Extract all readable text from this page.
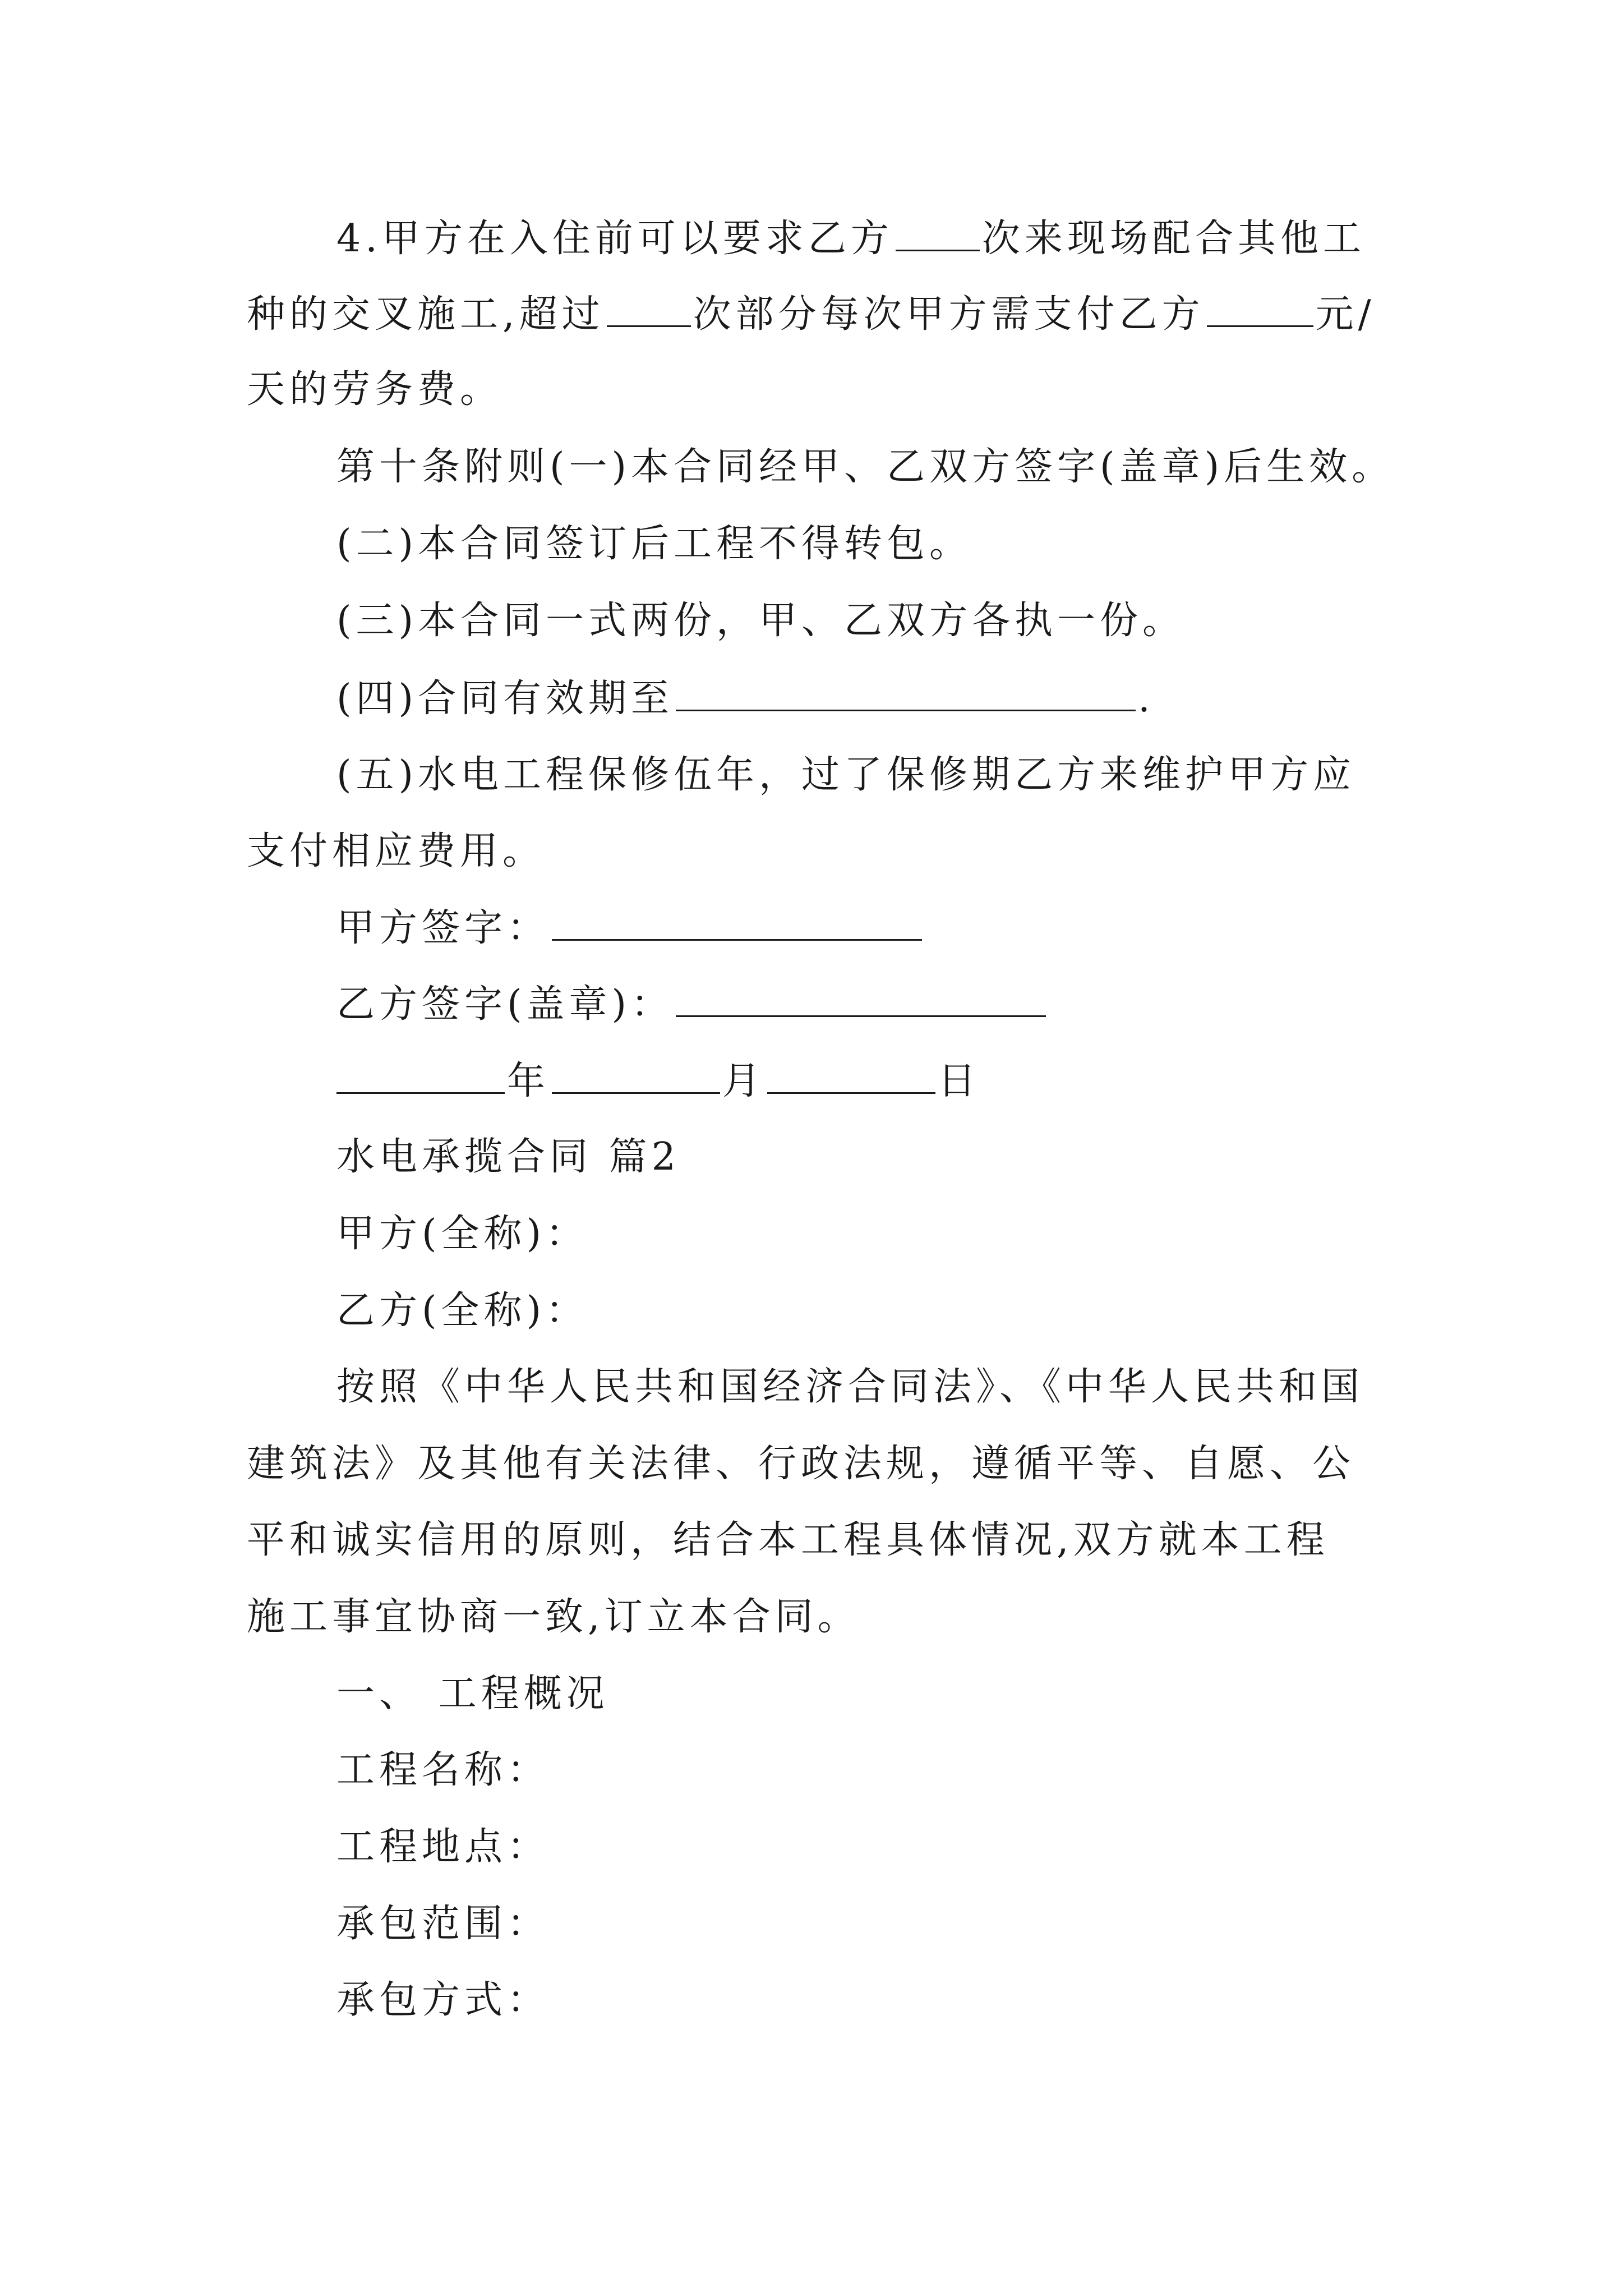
4.甲方在入住前可以要求乙方 次来现场配合其他工
种的交叉施工,超过 次部分每次甲方需支付乙方	元/
天的劳务费。
第十条附则(一)本合同经甲、乙双方签字(盖章)后生效。
(二)本合同签订后工程不得转包。
(三)本合同一式两份，甲、乙双方各执一份。
(四)合同有效期至	.
(五)水电工程保修伍年，过了保修期乙方来维护甲方应
支付相应费用。
甲方签字：
乙方签字(盖章)：
年	月	日
水电承揽合同 篇2
甲方(全称)：
乙方(全称)：
按照《中华人民共和国经济合同法》、《中华人民共和国
建筑法》及其他有关法律、行政法规，遵循平等、自愿、公
平和诚实信用的原则，结合本工程具体情况,双方就本工程
施工事宜协商一致,订立本合同。
一、 工程概况
工程名称：
工程地点：
承包范围：
承包方式：
